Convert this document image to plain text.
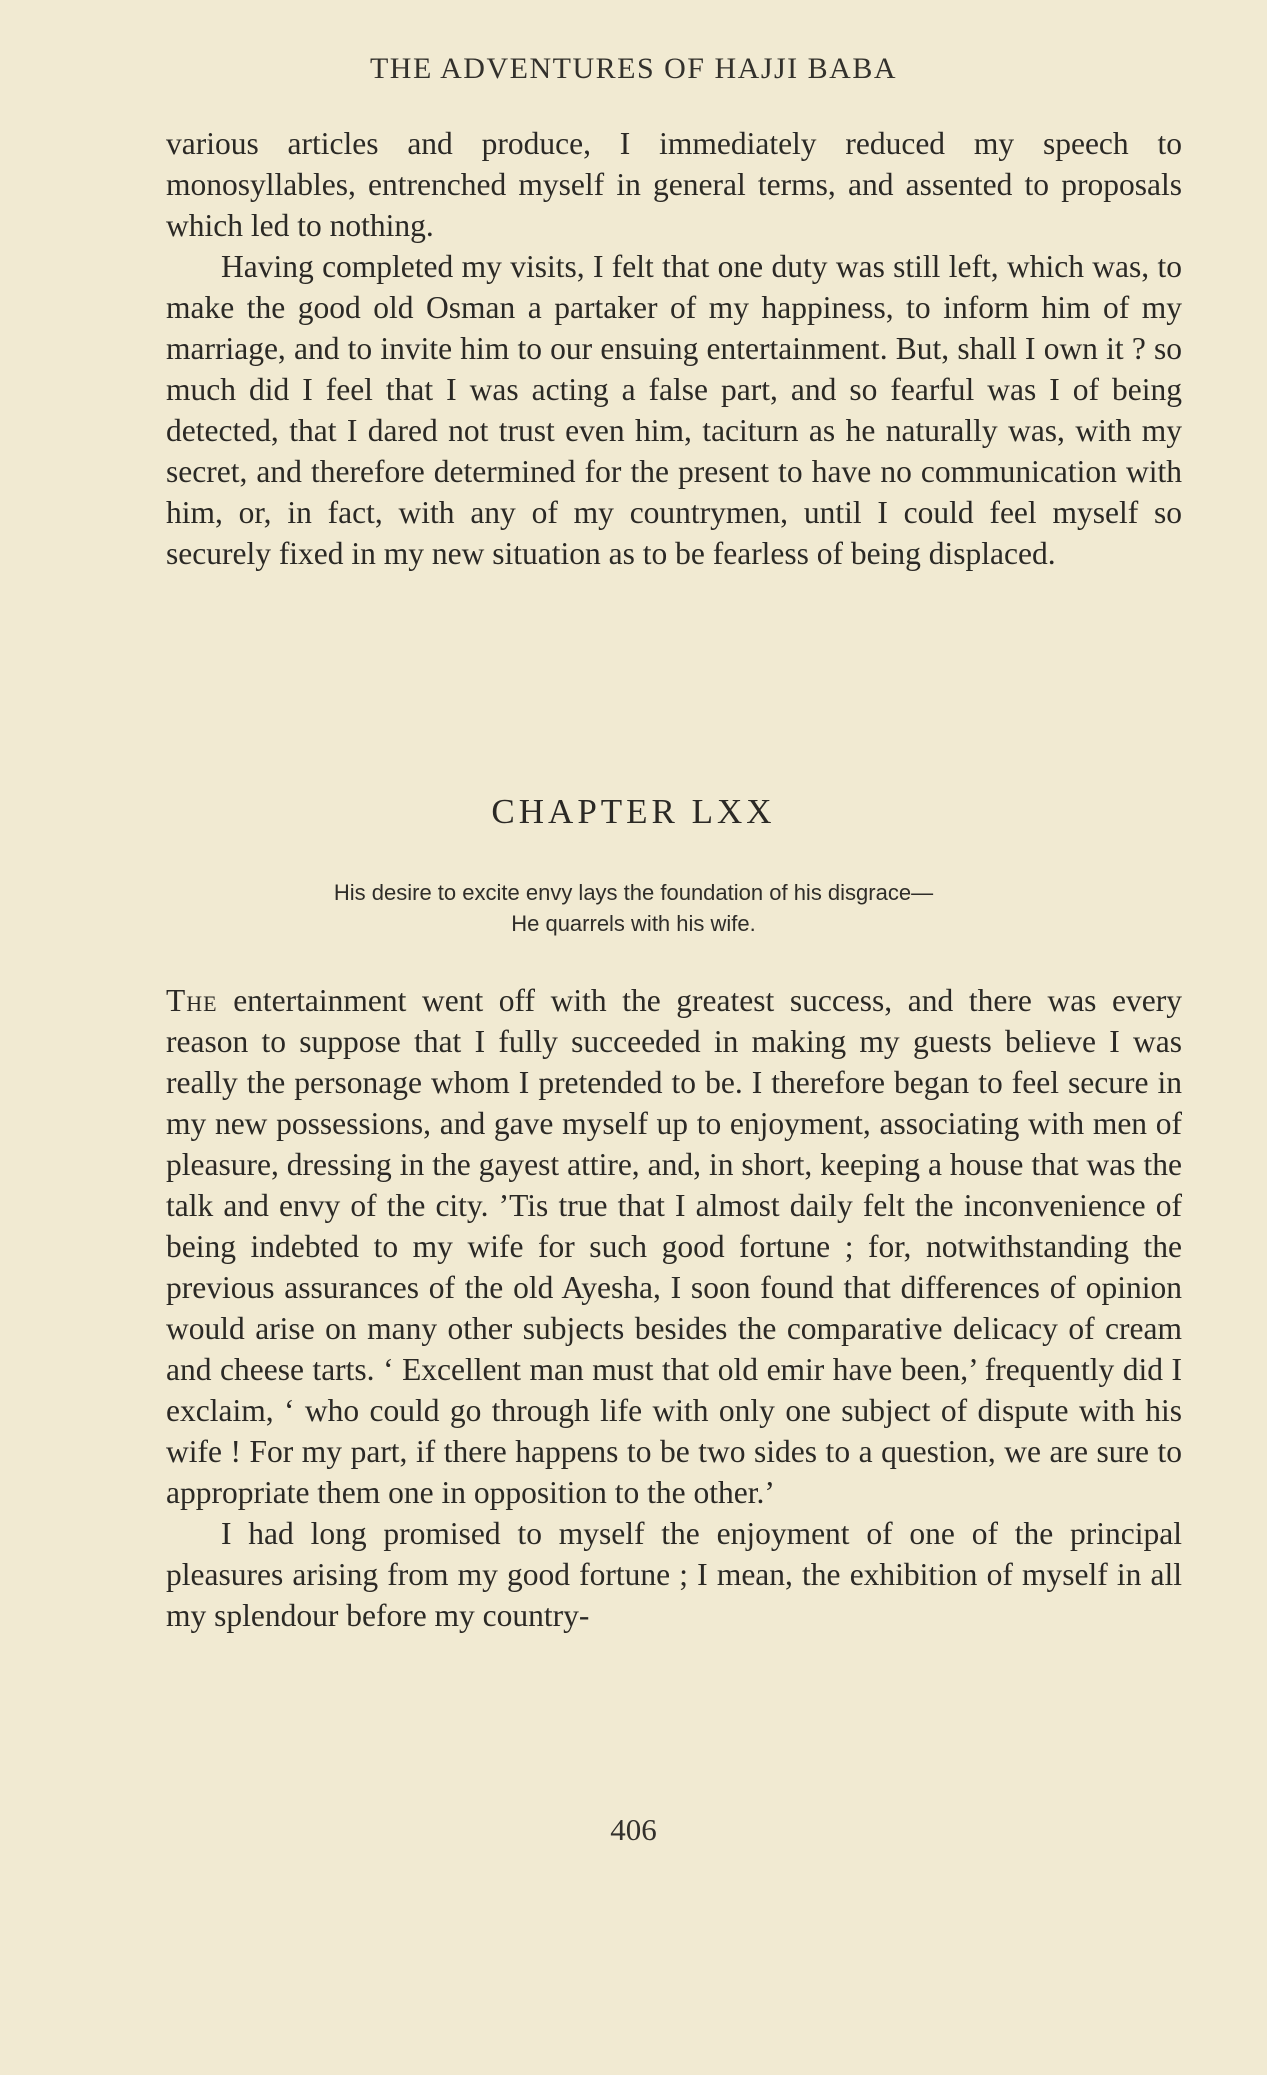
THE ADVENTURES OF HAJJI BABA

various articles and produce, I immediately reduced my speech to monosyllables, entrenched myself in general terms, and assented to proposals which led to nothing.

Having completed my visits, I felt that one duty was still left, which was, to make the good old Osman a partaker of my happiness, to inform him of my marriage, and to invite him to our ensuing entertainment. But, shall I own it ? so much did I feel that I was acting a false part, and so fearful was I of being detected, that I dared not trust even him, taciturn as he naturally was, with my secret, and therefore determined for the present to have no communication with him, or, in fact, with any of my countrymen, until I could feel myself so securely fixed in my new situation as to be fearless of being displaced.

CHAPTER LXX
His desire to excite envy lays the foundation of his disgrace—
He quarrels with his wife.

The entertainment went off with the greatest success, and there was every reason to suppose that I fully succeeded in making my guests believe I was really the personage whom I pretended to be. I therefore began to feel secure in my new possessions, and gave myself up to enjoyment, associating with men of pleasure, dressing in the gayest attire, and, in short, keeping a house that was the talk and envy of the city. ’Tis true that I almost daily felt the inconvenience of being indebted to my wife for such good fortune ; for, notwithstanding the previous assurances of the old Ayesha, I soon found that differences of opinion would arise on many other subjects besides the comparative delicacy of cream and cheese tarts. ‘ Excellent man must that old emir have been,’ frequently did I exclaim, ‘ who could go through life with only one subject of dispute with his wife ! For my part, if there happens to be two sides to a question, we are sure to appropriate them one in opposition to the other.’

I had long promised to myself the enjoyment of one of the principal pleasures arising from my good fortune ; I mean, the exhibition of myself in all my splendour before my country-

406
